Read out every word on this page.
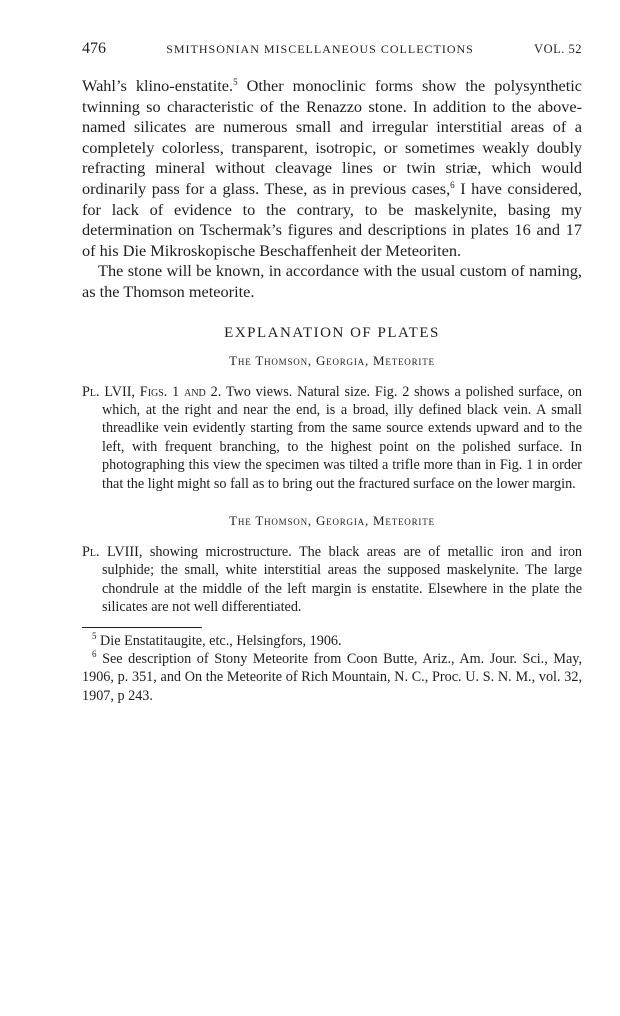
476	SMITHSONIAN MISCELLANEOUS COLLECTIONS	VOL. 52

Wahl’s klino-enstatite.$^5$ Other monoclinic forms show the polysynthetic twinning so characteristic of the Renazzo stone. In addition to the above-named silicates are numerous small and irregular interstitial areas of a completely colorless, transparent, isotropic, or sometimes weakly doubly refracting mineral without cleavage lines or twin striæ, which would ordinarily pass for a glass. These, as in previous cases,$^6$ I have considered, for lack of evidence to the contrary, to be maskelynite, basing my determination on Tschermak’s figures and descriptions in plates 16 and 17 of his Die Mikroskopische Beschaffenheit der Meteoriten.

The stone will be known, in accordance with the usual custom of naming, as the Thomson meteorite.

EXPLANATION OF PLATES
The Thomson, Georgia, Meteorite

Pl. LVII, Figs. 1 and 2. Two views. Natural size. Fig. 2 shows a polished surface, on which, at the right and near the end, is a broad, illy defined black vein. A small threadlike vein evidently starting from the same source extends upward and to the left, with frequent branching, to the highest point on the polished surface. In photographing this view the specimen was tilted a trifle more than in Fig. 1 in order that the light might so fall as to bring out the fractured surface on the lower margin.

The Thomson, Georgia, Meteorite

Pl. LVIII, showing microstructure. The black areas are of metallic iron and iron sulphide; the small, white interstitial areas the supposed maskelynite. The large chondrule at the middle of the left margin is enstatite. Elsewhere in the plate the silicates are not well differentiated.

$^5$ Die Enstatitaugite, etc., Helsingfors, 1906.

$^6$ See description of Stony Meteorite from Coon Butte, Ariz., Am. Jour. Sci., May, 1906, p. 351, and On the Meteorite of Rich Mountain, N. C., Proc. U. S. N. M., vol. 32, 1907, p 243.
